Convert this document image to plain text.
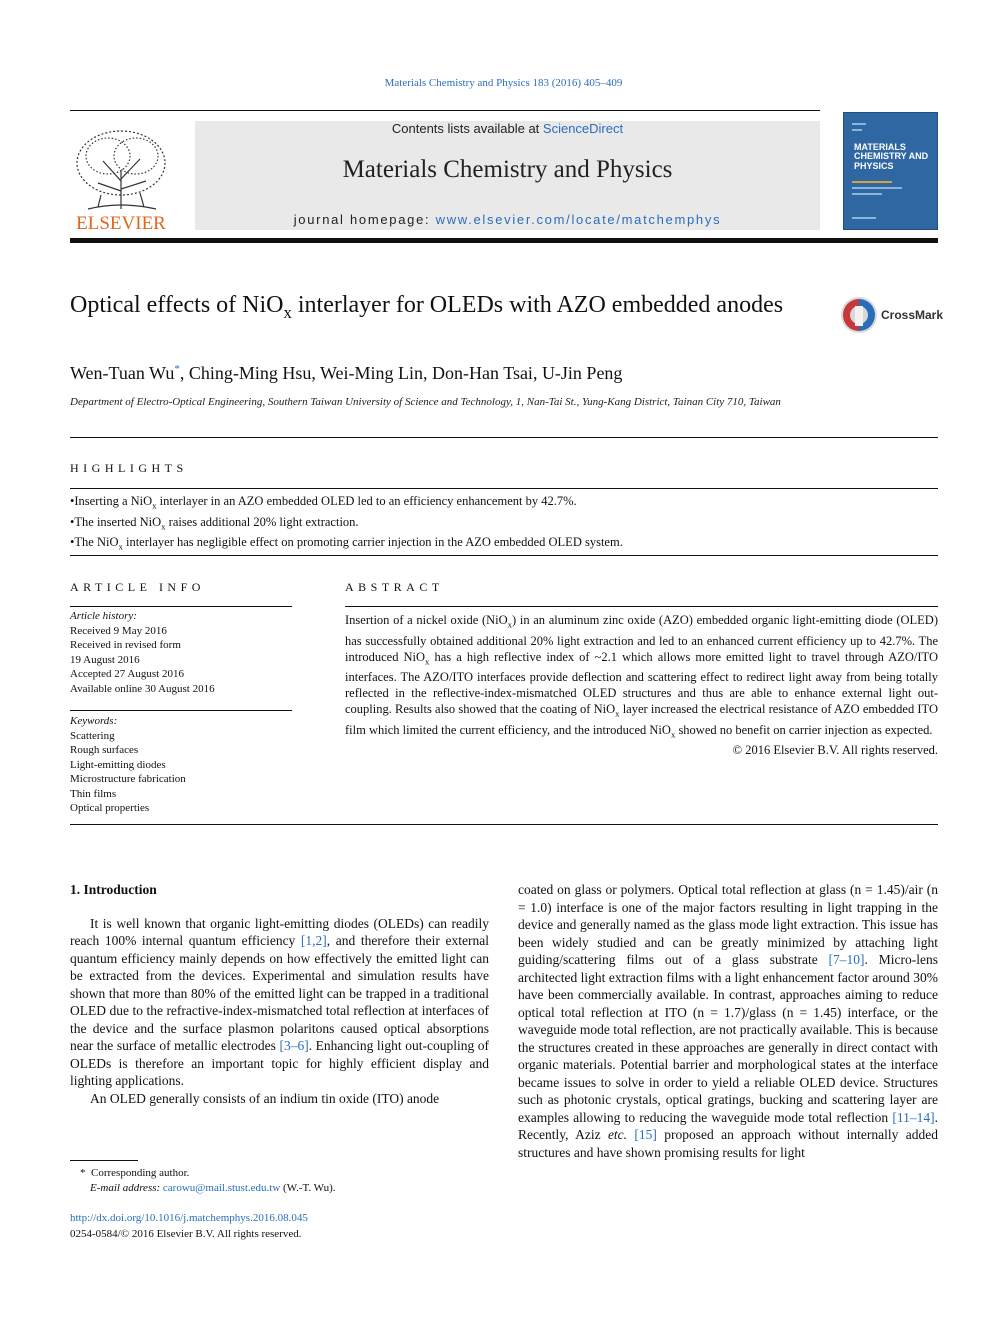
Materials Chemistry and Physics 183 (2016) 405–409
ELSEVIER
Contents lists available at ScienceDirect
Materials Chemistry and Physics
journal homepage: www.elsevier.com/locate/matchemphys
MATERIALS CHEMISTRY AND PHYSICS
Optical effects of NiO$_x$ interlayer for OLEDs with AZO embedded anodes	CrossMark
Wen-Tuan Wu*, Ching-Ming Hsu, Wei-Ming Lin, Don-Han Tsai, U-Jin Peng
Department of Electro-Optical Engineering, Southern Taiwan University of Science and Technology, 1, Nan-Tai St., Yung-Kang District, Tainan City 710, Taiwan
HIGHLIGHTS
•Inserting a NiO$_x$ interlayer in an AZO embedded OLED led to an efficiency enhancement by 42.7%.
•The inserted NiO$_x$ raises additional 20% light extraction.
•The NiO$_x$ interlayer has negligible effect on promoting carrier injection in the AZO embedded OLED system.
ARTICLE INFO
Article history:
Received 9 May 2016
Received in revised form
19 August 2016
Accepted 27 August 2016
Available online 30 August 2016
Keywords:
Scattering
Rough surfaces
Light-emitting diodes
Microstructure fabrication
Thin films
Optical properties
ABSTRACT
Insertion of a nickel oxide (NiO$_x$) in an aluminum zinc oxide (AZO) embedded organic light-emitting diode (OLED) has successfully obtained additional 20% light extraction and led to an enhanced current efficiency up to 42.7%. The introduced NiO$_x$ has a high reflective index of ~2.1 which allows more emitted light to travel through AZO/ITO interfaces. The AZO/ITO interfaces provide deflection and scattering effect to redirect light away from being totally reflected in the reflective-index-mismatched OLED structures and thus are able to enhance external light out-coupling. Results also showed that the coating of NiO$_x$ layer increased the electrical resistance of AZO embedded ITO film which limited the current efficiency, and the introduced NiO$_x$ showed no benefit on carrier injection as expected.
© 2016 Elsevier B.V. All rights reserved.
1. Introduction

It is well known that organic light-emitting diodes (OLEDs) can readily reach 100% internal quantum efficiency [1,2], and therefore their external quantum efficiency mainly depends on how effectively the emitted light can be extracted from the devices. Experimental and simulation results have shown that more than 80% of the emitted light can be trapped in a traditional OLED due to the refractive-index-mismatched total reflection at interfaces of the device and the surface plasmon polaritons caused optical absorptions near the surface of metallic electrodes [3–6]. Enhancing light out-coupling of OLEDs is therefore an important topic for highly efficient display and lighting applications.

An OLED generally consists of an indium tin oxide (ITO) anode

coated on glass or polymers. Optical total reflection at glass (n = 1.45)/air (n = 1.0) interface is one of the major factors resulting in light trapping in the device and generally named as the glass mode light extraction. This issue has been widely studied and can be greatly minimized by attaching light guiding/scattering films out of a glass substrate [7–10]. Micro-lens architected light extraction films with a light enhancement factor around 30% have been commercially available. In contrast, approaches aiming to reduce optical total reflection at ITO (n = 1.7)/glass (n = 1.45) interface, or the waveguide mode total reflection, are not practically available. This is because the structures created in these approaches are generally in direct contact with organic materials. Potential barrier and morphological states at the interface became issues to solve in order to yield a reliable OLED device. Structures such as photonic crystals, optical gratings, bucking and scattering layer are examples allowing to reducing the waveguide mode total reflection [11–14]. Recently, Aziz etc. [15] proposed an approach without internally added structures and have shown promising results for light

* Corresponding author.
E-mail address: carowu@mail.stust.edu.tw (W.-T. Wu).
http://dx.doi.org/10.1016/j.matchemphys.2016.08.045
0254-0584/© 2016 Elsevier B.V. All rights reserved.
